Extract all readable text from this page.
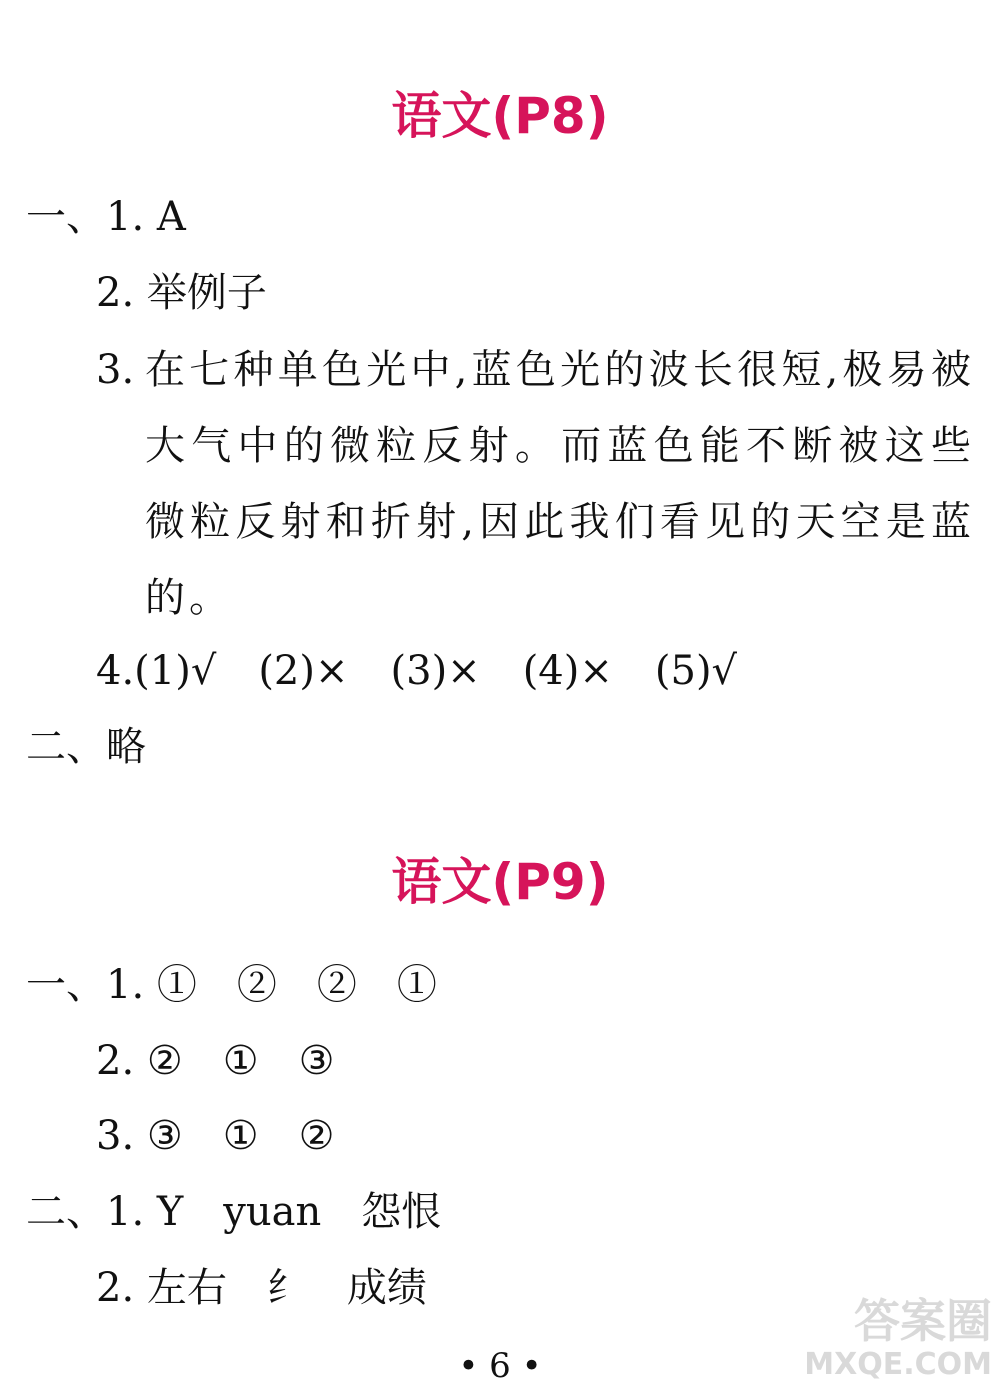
语文(P8)
一、1. A
2. 举例子
3. 在七种单色光中,蓝色光的波长很短,极易被大气中的微粒反射。而蓝色能不断被这些微粒反射和折射,因此我们看见的天空是蓝的。
4.(1)√ (2)× (3)× (4)× (5)√
二、略
语文(P9)
一、1. ①　②　②　①
2. ②　①　③
3. ③　①　②
二、1. Y　yuan　怨恨
2. 左右　纟　成绩
• 6 •
答案圈
MXQE.COM
